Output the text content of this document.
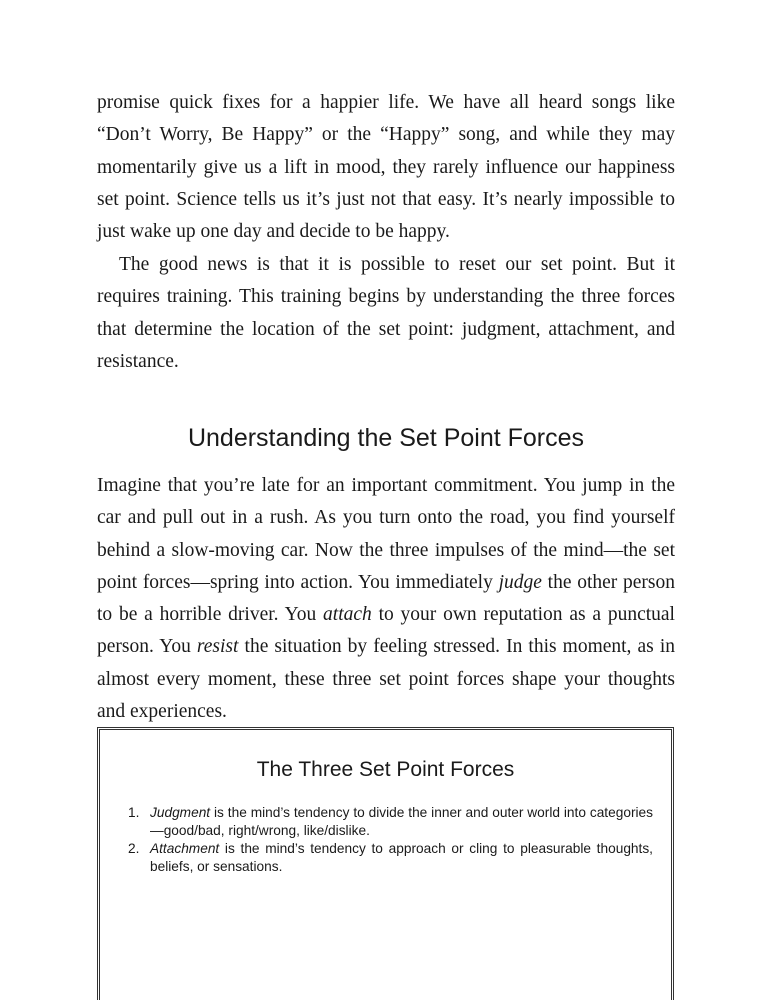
promise quick fixes for a happier life. We have all heard songs like “Don’t Worry, Be Happy” or the “Happy” song, and while they may momentarily give us a lift in mood, they rarely influence our happiness set point. Science tells us it’s just not that easy. It’s nearly impossible to just wake up one day and decide to be happy.

The good news is that it is possible to reset our set point. But it requires training. This training begins by understanding the three forces that determine the location of the set point: judgment, attachment, and resistance.

Understanding the Set Point Forces

Imagine that you’re late for an important commitment. You jump in the car and pull out in a rush. As you turn onto the road, you find yourself behind a slow-moving car. Now the three impulses of the mind—the set point forces—spring into action. You immediately judge the other person to be a horrible driver. You attach to your own reputation as a punctual person. You resist the situation by feeling stressed. In this moment, as in almost every moment, these three set point forces shape your thoughts and experiences.

The Three Set Point Forces
1. Judgment is the mind’s tendency to divide the inner and outer world into categories—good/bad, right/wrong, like/dislike.
2. Attachment is the mind’s tendency to approach or cling to pleasurable thoughts, beliefs, or sensations.
